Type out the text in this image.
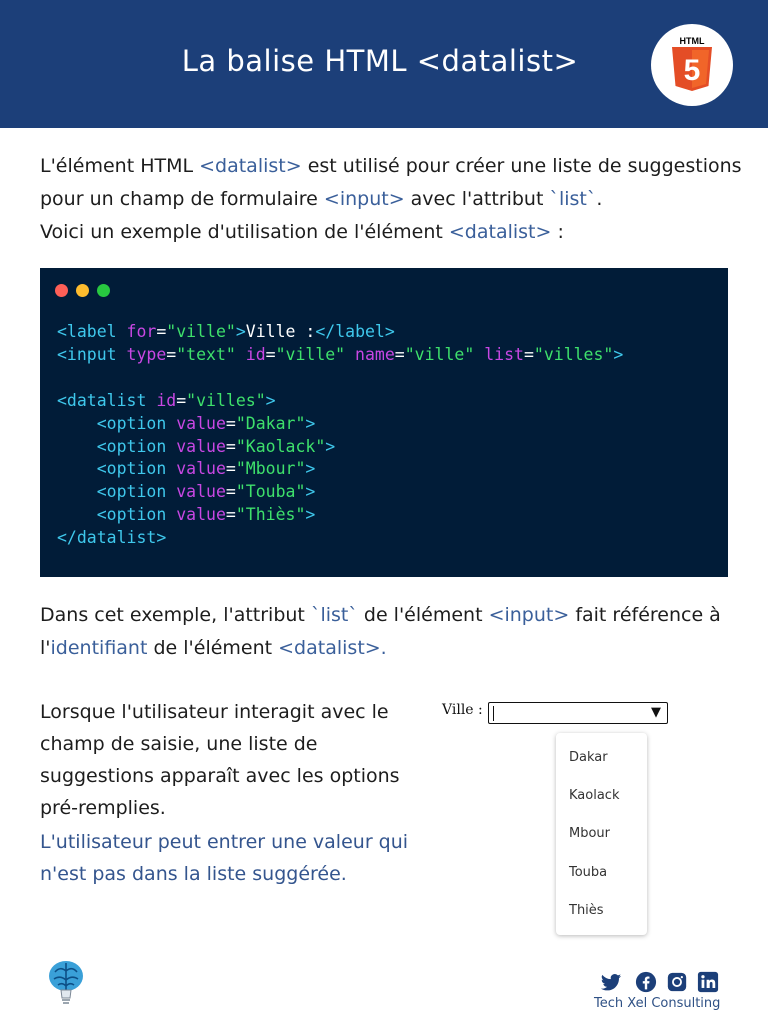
La balise HTML <datalist>
HTML
5

L'élément HTML <datalist> est utilisé pour créer une liste de suggestions

pour un champ de formulaire <input> avec l'attribut `list`.

Voici un exemple d'utilisation de l'élément <datalist> :

<label for="ville">Ville :</label>
<input type="text" id="ville" name="ville" list="villes">

<datalist id="villes">
<option value="Dakar">
<option value="Kaolack">
<option value="Mbour">
<option value="Touba">
<option value="Thiès">
</datalist>

Dans cet exemple, l'attribut `list` de l'élément <input> fait référence à

l'identifiant de l'élément <datalist>.

Lorsque l'utilisateur interagit avec le

champ de saisie, une liste de

suggestions apparaît avec les options

pré-remplies.

L'utilisateur peut entrer une valeur qui

n'est pas dans la liste suggérée.

Ville :	▼
Dakar
Kaolack
Mbour
Touba
Thiès
Tech Xel Consulting
